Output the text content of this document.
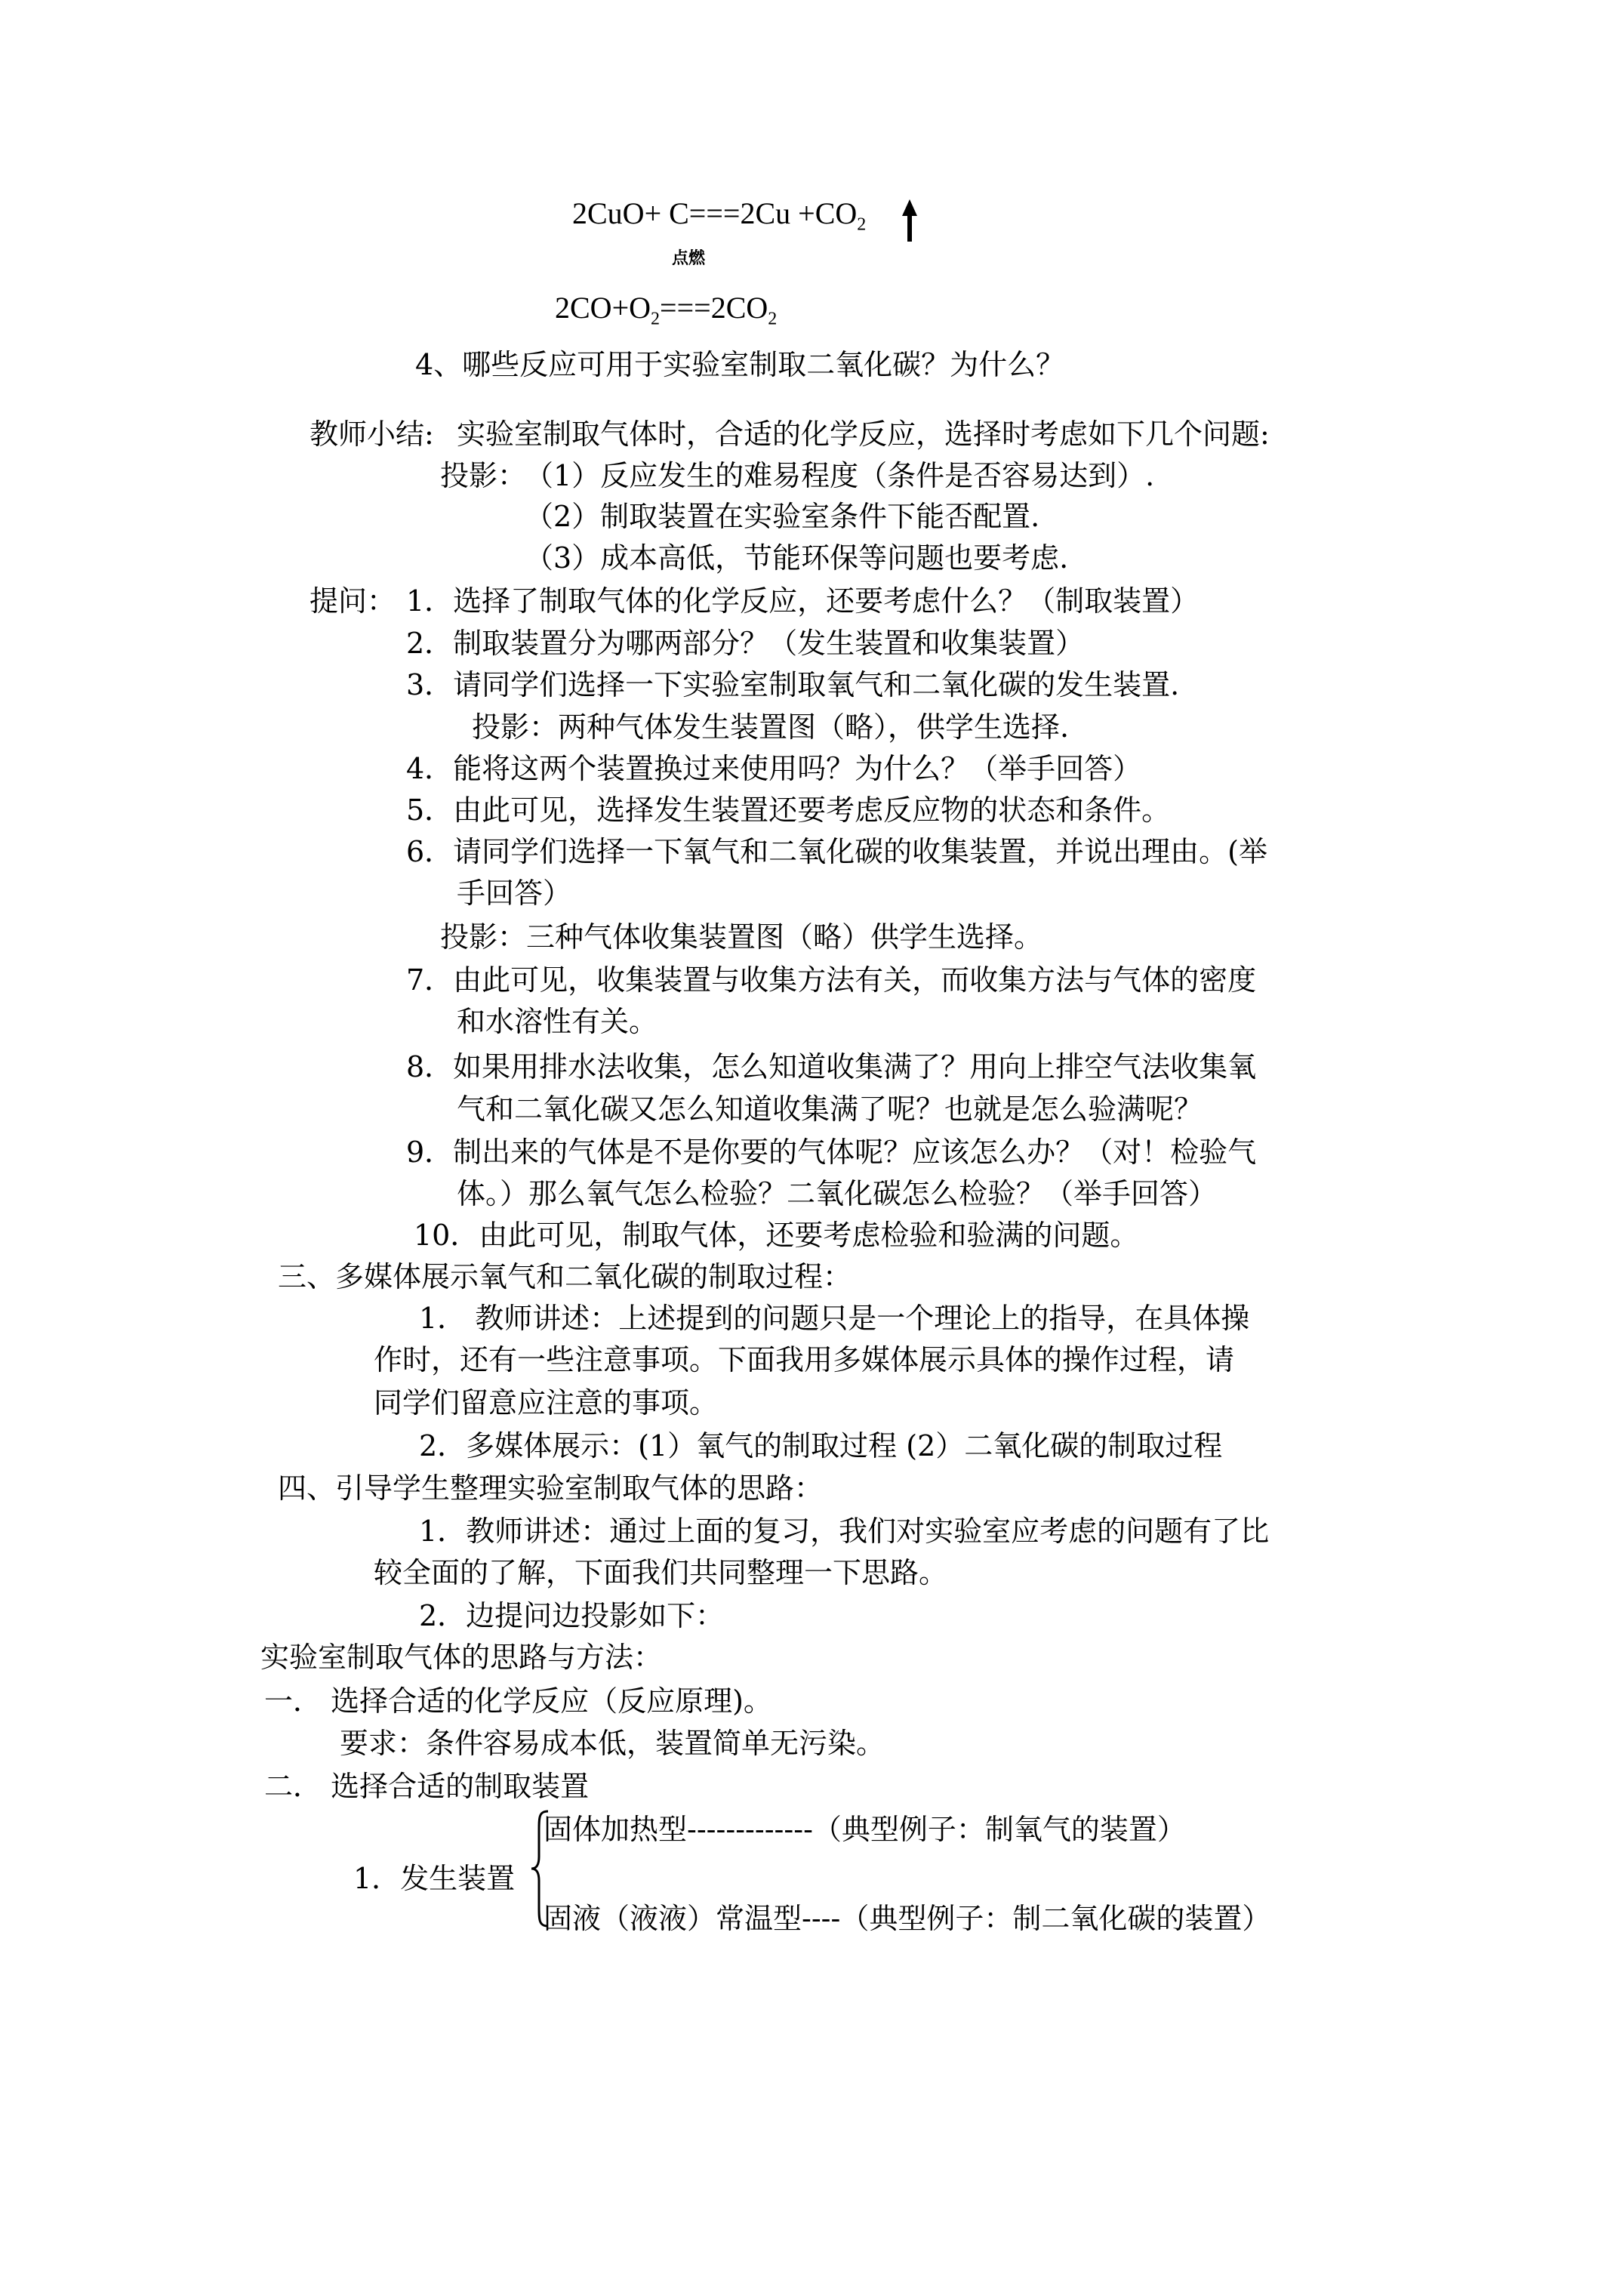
$2CuO+ C===2Cu +CO_2$
点燃
$2CO+O_2===2CO_2$
4、哪些反应可用于实验室制取二氧化碳？为什么？
教师小结: 实验室制取气体时，合适的化学反应，选择时考虑如下几个问题:
投影：
（1）反应发生的难易程度（条件是否容易达到）.
（2）制取装置在实验室条件下能否配置.
（3）成本高低，节能环保等问题也要考虑.
提问： 1．选择了制取气体的化学反应，还要考虑什么？（制取装置）
2．制取装置分为哪两部分？（发生装置和收集装置）
3．请同学们选择一下实验室制取氧气和二氧化碳的发生装置.
投影：两种气体发生装置图（略），供学生选择.
4．能将这两个装置换过来使用吗？为什么？（举手回答）
5．由此可见，选择发生装置还要考虑反应物的状态和条件。
6．请同学们选择一下氧气和二氧化碳的收集装置，并说出理由。(举
手回答）
投影：三种气体收集装置图（略）供学生选择。
7．由此可见，收集装置与收集方法有关，而收集方法与气体的密度
和水溶性有关。
8．如果用排水法收集，怎么知道收集满了？用向上排空气法收集氧
气和二氧化碳又怎么知道收集满了呢？也就是怎么验满呢？
9．制出来的气体是不是你要的气体呢？应该怎么办？（对！检验气
体。）那么氧气怎么检验？二氧化碳怎么检验？（举手回答）
10．由此可见，制取气体，还要考虑检验和验满的问题。
三、多媒体展示氧气和二氧化碳的制取过程：
1． 教师讲述：上述提到的问题只是一个理论上的指导，在具体操
作时，还有一些注意事项。下面我用多媒体展示具体的操作过程，请
同学们留意应注意的事项。
2．多媒体展示：(1）氧气的制取过程 (2）二氧化碳的制取过程
四、引导学生整理实验室制取气体的思路：
1．教师讲述：通过上面的复习，我们对实验室应考虑的问题有了比
较全面的了解，下面我们共同整理一下思路。
2．边提问边投影如下：
实验室制取气体的思路与方法：
一． 选择合适的化学反应（反应原理)。
要求：条件容易成本低，装置简单无污染。
二． 选择合适的制取装置
固体加热型-------------（典型例子：制氧气的装置）
1．发生装置
固液（液液）常温型----（典型例子：制二氧化碳的装置）
